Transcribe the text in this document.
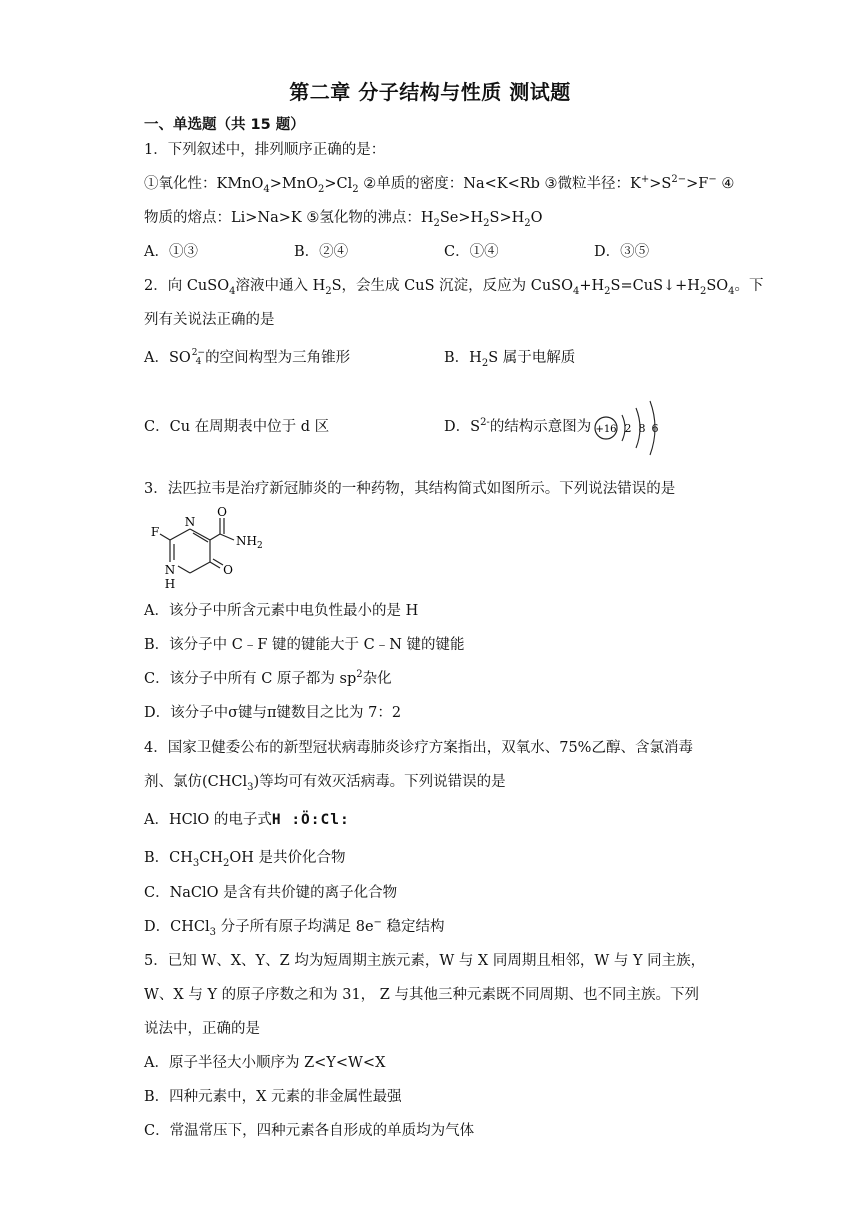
第二章 分子结构与性质 测试题
一、单选题（共 15 题）
1．下列叙述中，排列顺序正确的是：
①氧化性：$KMnO_4>MnO_2>Cl_2$ ②单质的密度：Na<K<Rb ③微粒半径：$K^+>S^{2-}>F^-$ ④
物质的熔点：Li>Na>K ⑤氢化物的沸点：$H_2Se>H_2S>H_2O$
A．①③	B．②④	C．①④	D．③⑤
2．向 CuSO$_4$溶液中通入 $H_2S$，会生成 CuS 沉淀，反应为 $CuSO_4+H_2S=CuS↓+H_2SO_4$。下
列有关说法正确的是
A．SO 2−
4 的空间构型为三角锥形	B．$H_2S$ 属于电解质
C．Cu 在周期表中位于 d 区	D．$S^{2-}$的结构示意图为 +16 2 8 6
3．法匹拉韦是治疗新冠肺炎的一种药物，其结构简式如图所示。下列说法错误的是
F
O
$NH_2$
N
N
H
O
A．该分子中所含元素中电负性最小的是 H
B．该分子中 C﹣F 键的键能大于 C﹣N 键的键能
C．该分子中所有 C 原子都为 $sp^2$杂化
D．该分子中σ键与π键数目之比为 7：2
4．国家卫健委公布的新型冠状病毒肺炎诊疗方案指出，双氧水、75%乙醇、含氯消毒
剂、氯仿(CHCl$_3$)等均可有效灭活病毒。下列说错误的是
A．HClO 的电子式H :Ö:Cl:
B．$CH_3CH_2OH$ 是共价化合物
C．NaClO 是含有共价键的离子化合物
D．CHCl$_3$ 分子所有原子均满足 8e− 稳定结构
5．已知 W、X、Y、Z 均为短周期主族元素，W 与 X 同周期且相邻，W 与 Y 同主族，
W、X 与 Y 的原子序数之和为 31， Z 与其他三种元素既不同周期、也不同主族。下列
说法中，正确的是
A．原子半径大小顺序为 Z<Y<W<X
B．四种元素中，X 元素的非金属性最强
C．常温常压下，四种元素各自形成的单质均为气体
